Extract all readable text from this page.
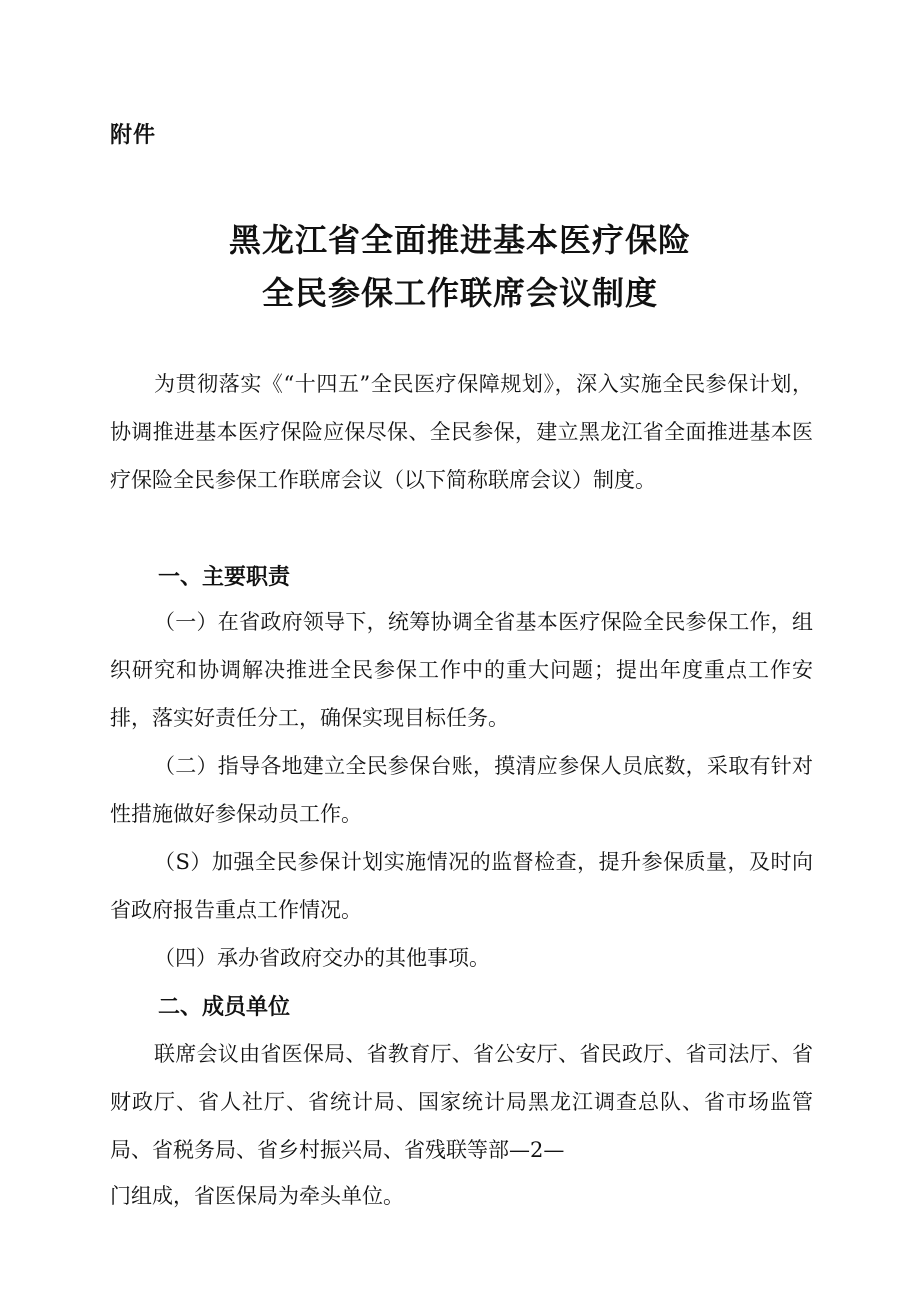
附件
黑龙江省全面推进基本医疗保险
全民参保工作联席会议制度
为贯彻落实《“十四五”全民医疗保障规划》，深入实施全民参保计划，协调推进基本医疗保险应保尽保、全民参保，建立黑龙江省全面推进基本医疗保险全民参保工作联席会议（以下简称联席会议）制度。
一、主要职责
（一）在省政府领导下，统筹协调全省基本医疗保险全民参保工作，组织研究和协调解决推进全民参保工作中的重大问题；提出年度重点工作安排，落实好责任分工，确保实现目标任务。
（二）指导各地建立全民参保台账，摸清应参保人员底数，采取有针对性措施做好参保动员工作。
（S）加强全民参保计划实施情况的监督检查，提升参保质量，及时向省政府报告重点工作情况。
（四）承办省政府交办的其他事项。
二、成员单位
联席会议由省医保局、省教育厅、省公安厅、省民政厅、省司法厅、省财政厅、省人社厅、省统计局、国家统计局黑龙江调查总队、省市场监管局、省税务局、省乡村振兴局、省残联等部—2—
门组成，省医保局为牵头单位。
